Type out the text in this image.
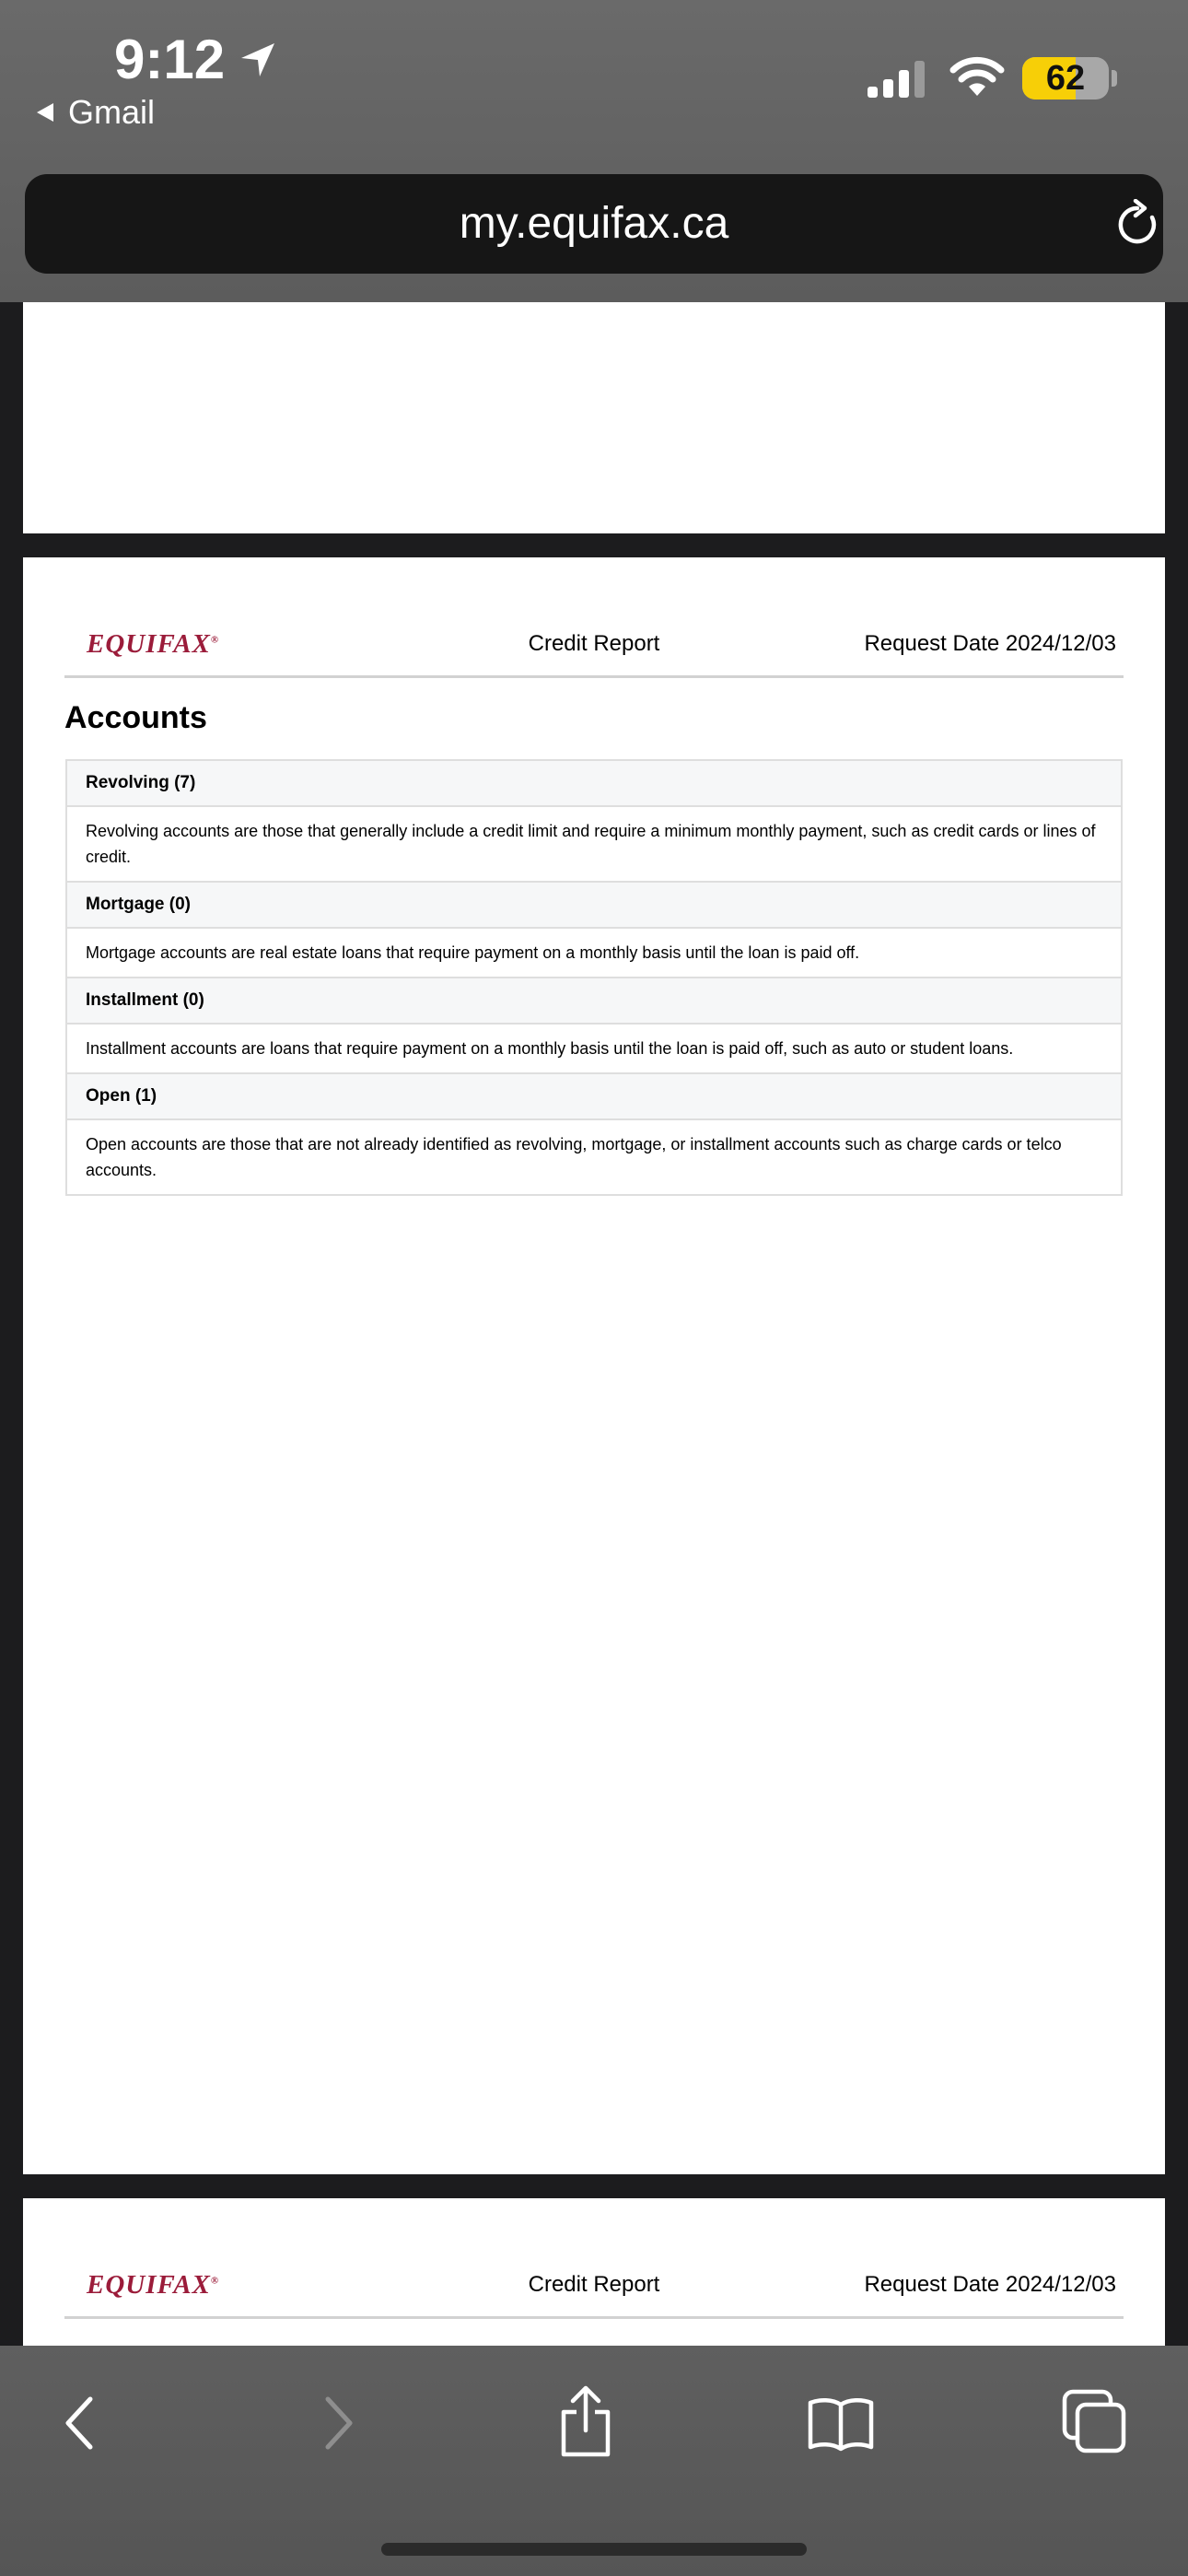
9:12
Gmail
62
my.equifax.ca
EQUIFAX®	Credit Report	Request Date 2024/12/03
Accounts
Revolving (7)
Revolving accounts are those that generally include a credit limit and require a minimum monthly payment, such as credit cards or lines of credit.
Mortgage (0)
Mortgage accounts are real estate loans that require payment on a monthly basis until the loan is paid off.
Installment (0)
Installment accounts are loans that require payment on a monthly basis until the loan is paid off, such as auto or student loans.
Open (1)
Open accounts are those that are not already identified as revolving, mortgage, or installment accounts such as charge cards or telco accounts.
EQUIFAX®	Credit Report	Request Date 2024/12/03
